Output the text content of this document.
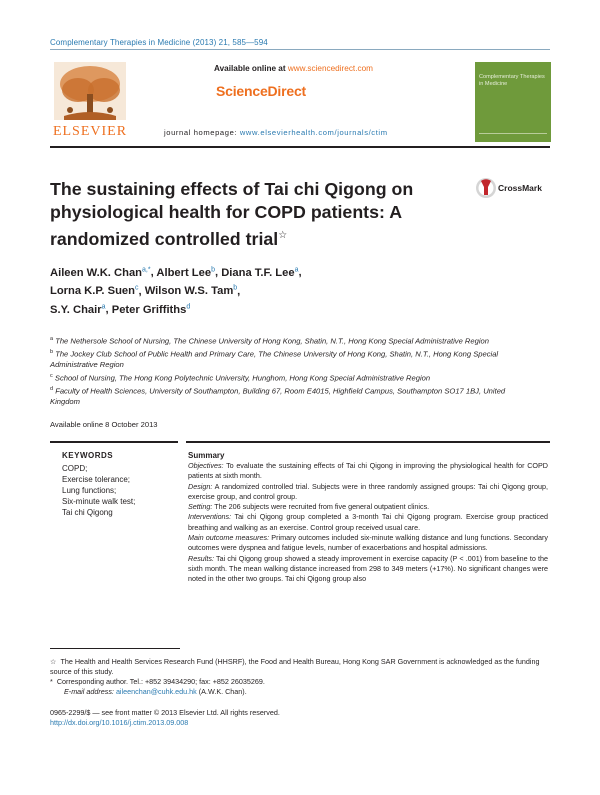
Complementary Therapies in Medicine (2013) 21, 585—594
ELSEVIER
Available online at www.sciencedirect.com
ScienceDirect
journal homepage: www.elsevierhealth.com/journals/ctim
Complementary Therapies in Medicine
The sustaining effects of Tai chi Qigong on physiological health for COPD patients: A randomized controlled trial☆
CrossMark
Aileen W.K. Chan$^{a,*}$, Albert Lee$^b$, Diana T.F. Lee$^a$,
Lorna K.P. Suen$^c$, Wilson W.S. Tam$^b$,
S.Y. Chair$^a$, Peter Griffiths$^d$
$^a$ The Nethersole School of Nursing, The Chinese University of Hong Kong, Shatin, N.T., Hong Kong Special Administrative Region
$^b$ The Jockey Club School of Public Health and Primary Care, The Chinese University of Hong Kong, Shatin, N.T., Hong Kong Special Administrative Region
$^c$ School of Nursing, The Hong Kong Polytechnic University, Hunghom, Hong Kong Special Administrative Region
$^d$ Faculty of Health Sciences, University of Southampton, Building 67, Room E4015, Highfield Campus, Southampton SO17 1BJ, United Kingdom
Available online 8 October 2013
KEYWORDS
COPD;
Exercise tolerance;
Lung functions;
Six-minute walk test;
Tai chi Qigong
Summary

Objectives: To evaluate the sustaining effects of Tai chi Qigong in improving the physiological health for COPD patients at sixth month.

Design: A randomized controlled trial. Subjects were in three randomly assigned groups: Tai chi Qigong group, exercise group, and control group.

Setting: The 206 subjects were recruited from five general outpatient clinics.

Interventions: Tai chi Qigong group completed a 3-month Tai chi Qigong program. Exercise group practiced breathing and walking as an exercise. Control group received usual care.

Main outcome measures: Primary outcomes included six-minute walking distance and lung functions. Secondary outcomes were dyspnea and fatigue levels, number of exacerbations and hospital admissions.

Results: Tai chi Qigong group showed a steady improvement in exercise capacity (P < .001) from baseline to the sixth month. The mean walking distance increased from 298 to 349 meters (+17%). No significant changes were noted in the other two groups. Tai chi Qigong group also

☆ The Health and Health Services Research Fund (HHSRF), the Food and Health Bureau, Hong Kong SAR Government is acknowledged as the funding source of this study.

* Corresponding author. Tel.: +852 39434290; fax: +852 26035269.

E-mail address: aileenchan@cuhk.edu.hk (A.W.K. Chan).

0965-2299/$ — see front matter © 2013 Elsevier Ltd. All rights reserved.
http://dx.doi.org/10.1016/j.ctim.2013.09.008
